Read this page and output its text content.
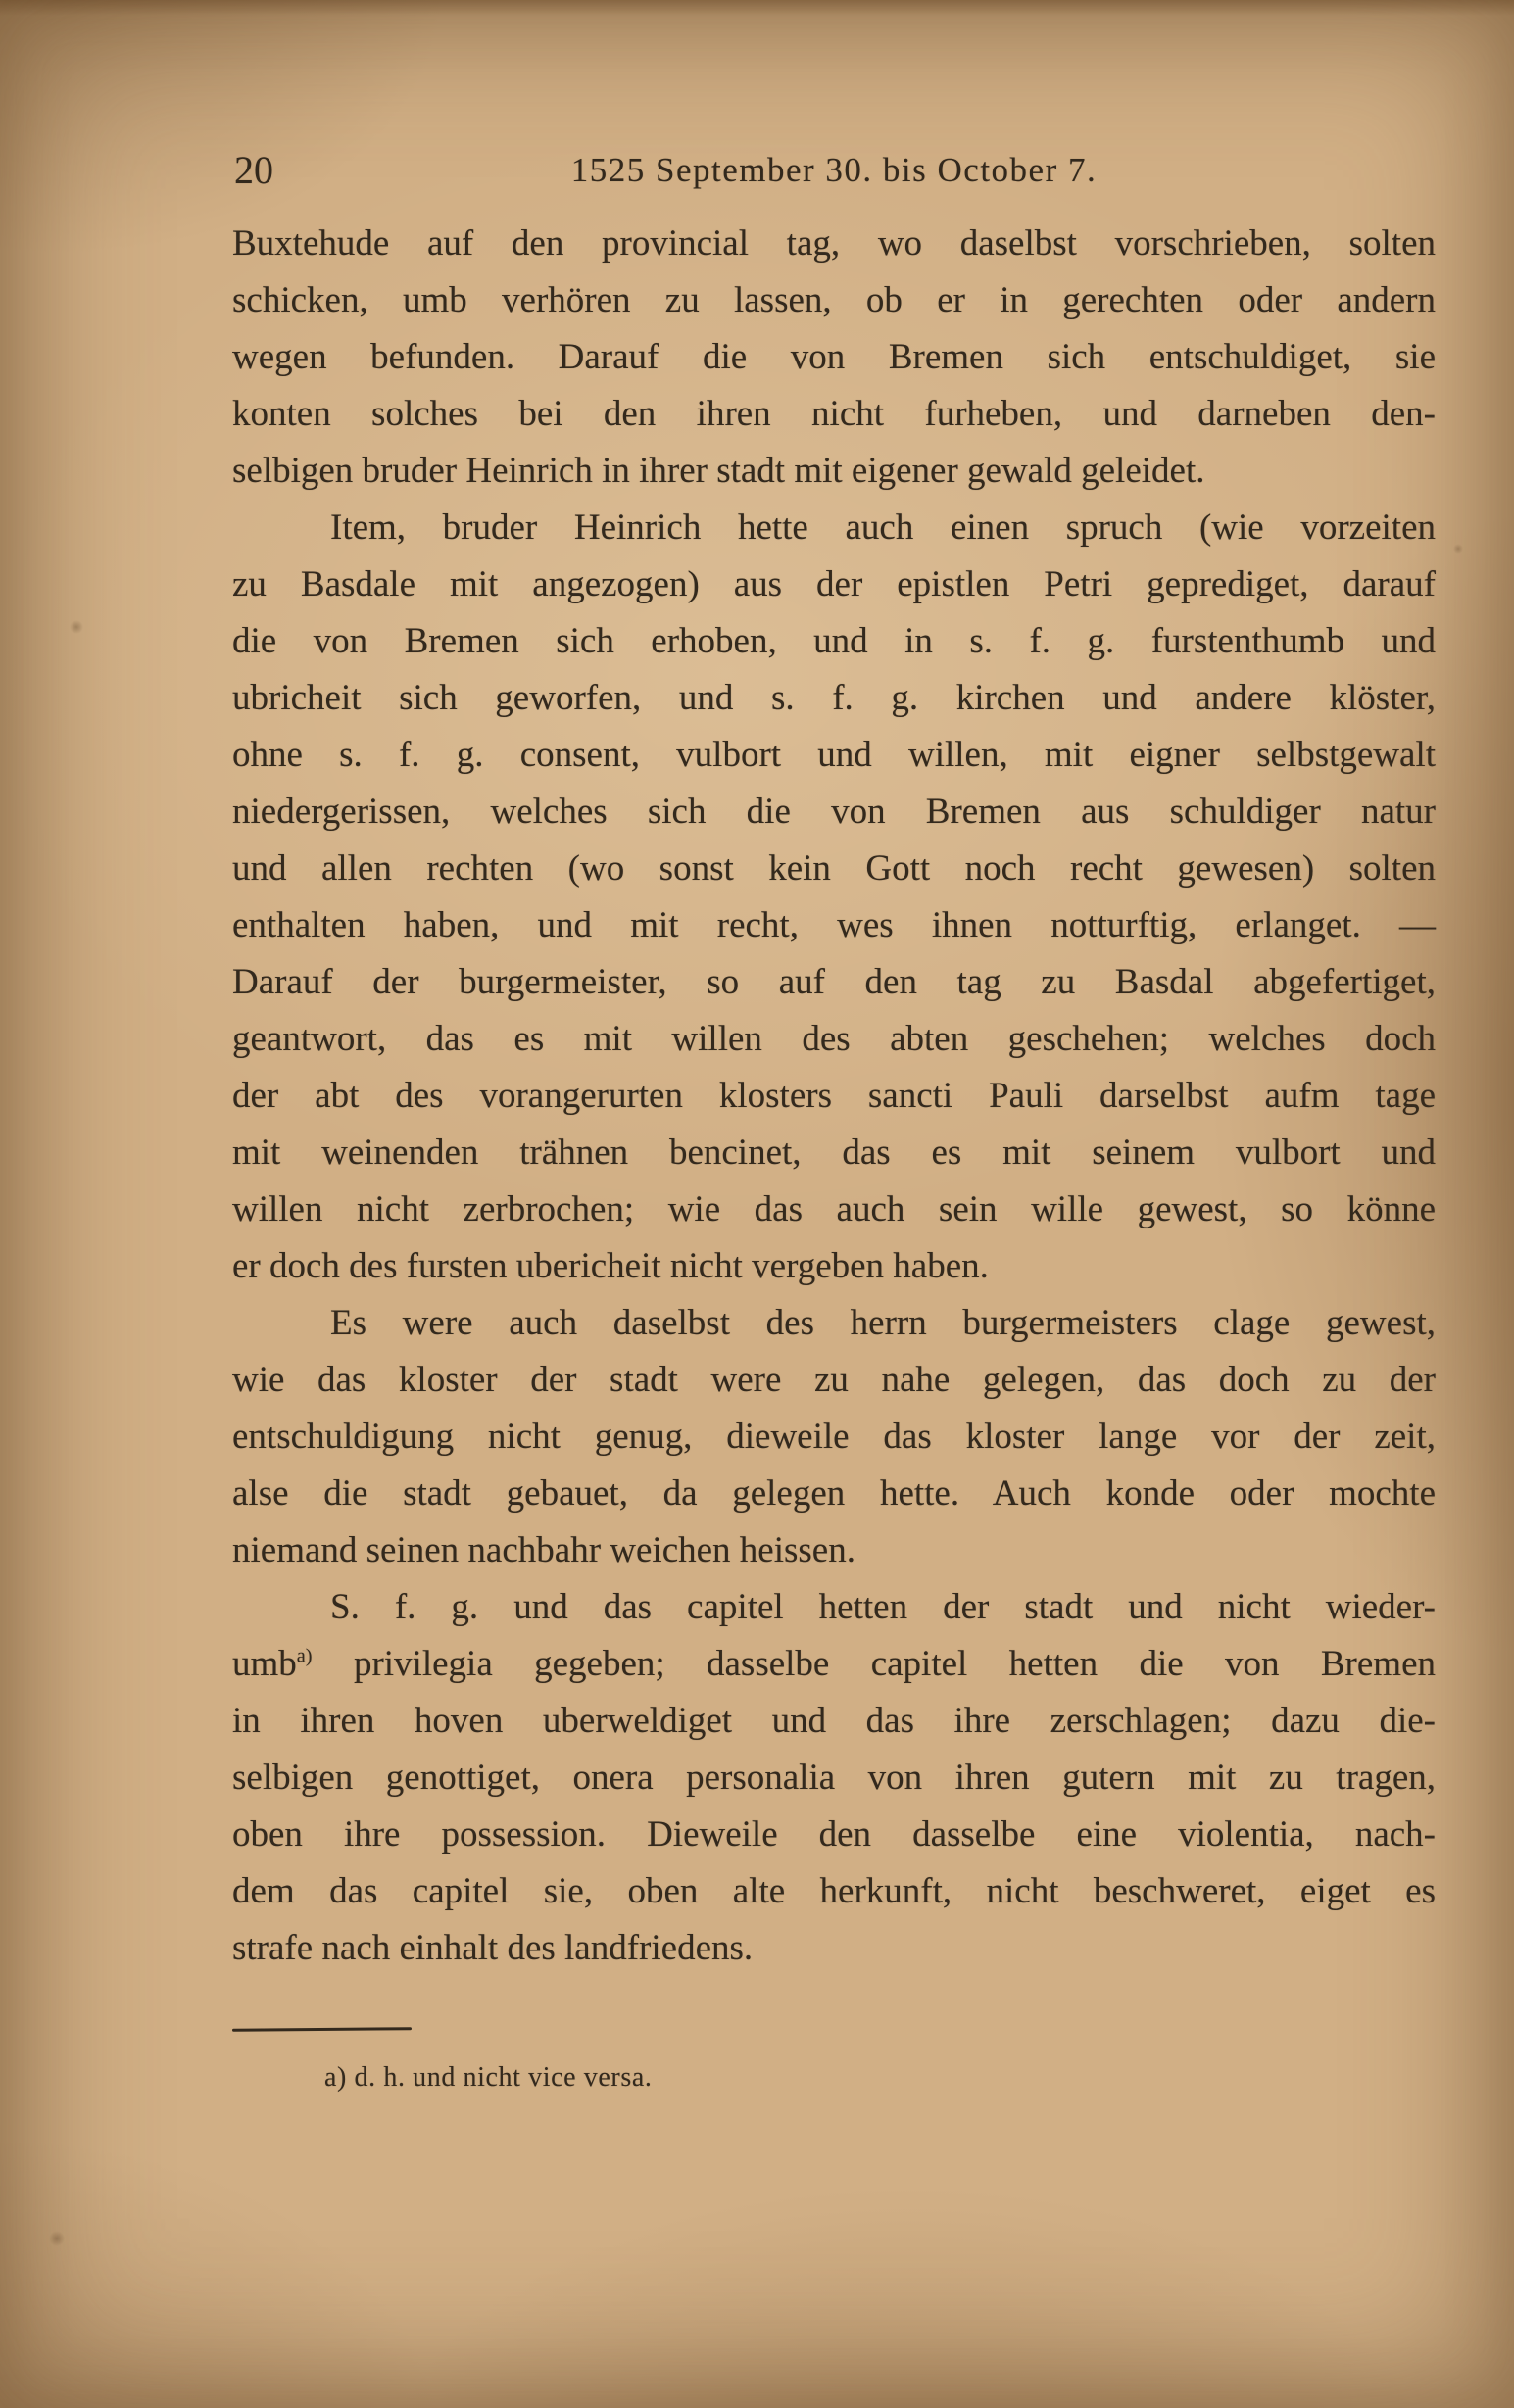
20	1525 September 30. bis October 7.
Buxtehude auf den provincial tag, wo daselbst vorschrieben, solten
schicken, umb verhören zu lassen, ob er in gerechten oder andern
wegen befunden. Darauf die von Bremen sich entschuldiget, sie
konten solches bei den ihren nicht furheben, und darneben den-
selbigen bruder Heinrich in ihrer stadt mit eigener gewald geleidet.
Item, bruder Heinrich hette auch einen spruch (wie vorzeiten
zu Basdale mit angezogen) aus der epistlen Petri geprediget, darauf
die von Bremen sich erhoben, und in s. f. g. furstenthumb und
ubricheit sich geworfen, und s. f. g. kirchen und andere klöster,
ohne s. f. g. consent, vulbort und willen, mit eigner selbstgewalt
niedergerissen, welches sich die von Bremen aus schuldiger natur
und allen rechten (wo sonst kein Gott noch recht gewesen) solten
enthalten haben, und mit recht, wes ihnen notturftig, erlanget. —
Darauf der burgermeister, so auf den tag zu Basdal abgefertiget,
geantwort, das es mit willen des abten geschehen; welches doch
der abt des vorangerurten klosters sancti Pauli darselbst aufm tage
mit weinenden trähnen bencinet, das es mit seinem vulbort und
willen nicht zerbrochen; wie das auch sein wille gewest, so könne
er doch des fursten ubericheit nicht vergeben haben.
Es were auch daselbst des herrn burgermeisters clage gewest,
wie das kloster der stadt were zu nahe gelegen, das doch zu der
entschuldigung nicht genug, dieweile das kloster lange vor der zeit,
alse die stadt gebauet, da gelegen hette. Auch konde oder mochte
niemand seinen nachbahr weichen heissen.
S. f. g. und das capitel hetten der stadt und nicht wieder-
umb$^{a)}$ privilegia gegeben; dasselbe capitel hetten die von Bremen
in ihren hoven uberweldiget und das ihre zerschlagen; dazu die-
selbigen genottiget, onera personalia von ihren gutern mit zu tragen,
oben ihre possession. Dieweile den dasselbe eine violentia, nach-
dem das capitel sie, oben alte herkunft, nicht beschweret, eiget es
strafe nach einhalt des landfriedens.
a) d. h. und nicht vice versa.
